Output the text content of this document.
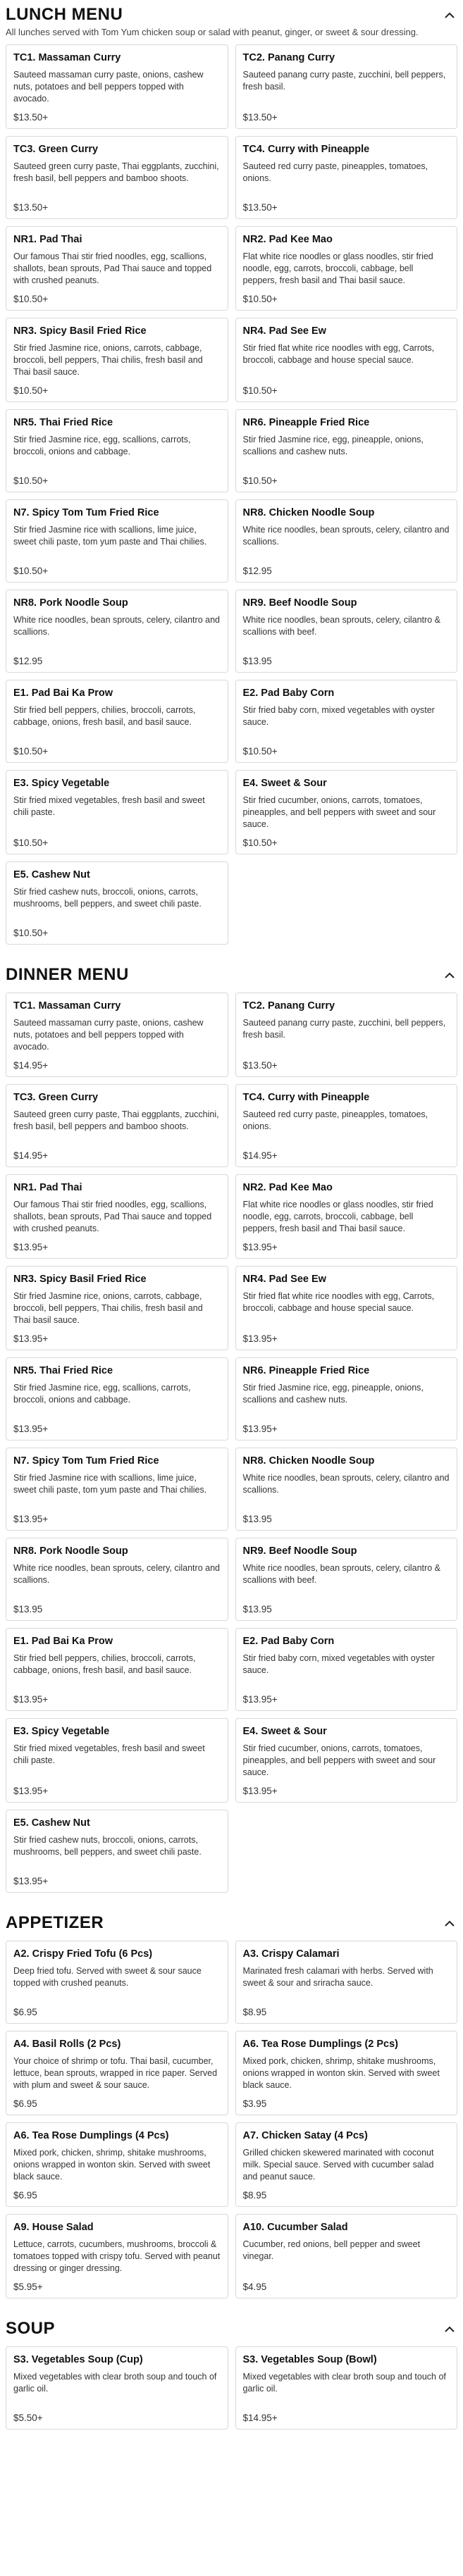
LUNCH MENU
All lunches served with Tom Yum chicken soup or salad with peanut, ginger, or sweet & sour dressing.
TC1. Massaman Curry
Sauteed massaman curry paste, onions, cashew nuts, potatoes and bell peppers topped with avocado.
$13.50+
TC2. Panang Curry
Sauteed panang curry paste, zucchini, bell peppers, fresh basil.
$13.50+
TC3. Green Curry
Sauteed green curry paste, Thai eggplants, zucchini, fresh basil, bell peppers and bamboo shoots.
$13.50+
TC4. Curry with Pineapple
Sauteed red curry paste, pineapples, tomatoes, onions.
$13.50+
NR1. Pad Thai
Our famous Thai stir fried noodles, egg, scallions, shallots, bean sprouts, Pad Thai sauce and topped with crushed peanuts.
$10.50+
NR2. Pad Kee Mao
Flat white rice noodles or glass noodles, stir fried noodle, egg, carrots, broccoli, cabbage, bell peppers, fresh basil and Thai basil sauce.
$10.50+
NR3. Spicy Basil Fried Rice
Stir fried Jasmine rice, onions, carrots, cabbage, broccoli, bell peppers, Thai chilis, fresh basil and Thai basil sauce.
$10.50+
NR4. Pad See Ew
Stir fried flat white rice noodles with egg, Carrots, broccoli, cabbage and house special sauce.
$10.50+
NR5. Thai Fried Rice
Stir fried Jasmine rice, egg, scallions, carrots, broccoli, onions and cabbage.
$10.50+
NR6. Pineapple Fried Rice
Stir fried Jasmine rice, egg, pineapple, onions, scallions and cashew nuts.
$10.50+
N7. Spicy Tom Tum Fried Rice
Stir fried Jasmine rice with scallions, lime juice, sweet chili paste, tom yum paste and Thai chilies.
$10.50+
NR8. Chicken Noodle Soup
White rice noodles, bean sprouts, celery, cilantro and scallions.
$12.95
NR8. Pork Noodle Soup
White rice noodles, bean sprouts, celery, cilantro and scallions.
$12.95
NR9. Beef Noodle Soup
White rice noodles, bean sprouts, celery, cilantro & scallions with beef.
$13.95
E1. Pad Bai Ka Prow
Stir fried bell peppers, chilies, broccoli, carrots, cabbage, onions, fresh basil, and basil sauce.
$10.50+
E2. Pad Baby Corn
Stir fried baby corn, mixed vegetables with oyster sauce.
$10.50+
E3. Spicy Vegetable
Stir fried mixed vegetables, fresh basil and sweet chili paste.
$10.50+
E4. Sweet & Sour
Stir fried cucumber, onions, carrots, tomatoes, pineapples, and bell peppers with sweet and sour sauce.
$10.50+
E5. Cashew Nut
Stir fried cashew nuts, broccoli, onions, carrots, mushrooms, bell peppers, and sweet chili paste.
$10.50+
DINNER MENU
TC1. Massaman Curry
Sauteed massaman curry paste, onions, cashew nuts, potatoes and bell peppers topped with avocado.
$14.95+
TC2. Panang Curry
Sauteed panang curry paste, zucchini, bell peppers, fresh basil.
$13.50+
TC3. Green Curry
Sauteed green curry paste, Thai eggplants, zucchini, fresh basil, bell peppers and bamboo shoots.
$14.95+
TC4. Curry with Pineapple
Sauteed red curry paste, pineapples, tomatoes, onions.
$14.95+
NR1. Pad Thai
Our famous Thai stir fried noodles, egg, scallions, shallots, bean sprouts, Pad Thai sauce and topped with crushed peanuts.
$13.95+
NR2. Pad Kee Mao
Flat white rice noodles or glass noodles, stir fried noodle, egg, carrots, broccoli, cabbage, bell peppers, fresh basil and Thai basil sauce.
$13.95+
NR3. Spicy Basil Fried Rice
Stir fried Jasmine rice, onions, carrots, cabbage, broccoli, bell peppers, Thai chilis, fresh basil and Thai basil sauce.
$13.95+
NR4. Pad See Ew
Stir fried flat white rice noodles with egg, Carrots, broccoli, cabbage and house special sauce.
$13.95+
NR5. Thai Fried Rice
Stir fried Jasmine rice, egg, scallions, carrots, broccoli, onions and cabbage.
$13.95+
NR6. Pineapple Fried Rice
Stir fried Jasmine rice, egg, pineapple, onions, scallions and cashew nuts.
$13.95+
N7. Spicy Tom Tum Fried Rice
Stir fried Jasmine rice with scallions, lime juice, sweet chili paste, tom yum paste and Thai chilies.
$13.95+
NR8. Chicken Noodle Soup
White rice noodles, bean sprouts, celery, cilantro and scallions.
$13.95
NR8. Pork Noodle Soup
White rice noodles, bean sprouts, celery, cilantro and scallions.
$13.95
NR9. Beef Noodle Soup
White rice noodles, bean sprouts, celery, cilantro & scallions with beef.
$13.95
E1. Pad Bai Ka Prow
Stir fried bell peppers, chilies, broccoli, carrots, cabbage, onions, fresh basil, and basil sauce.
$13.95+
E2. Pad Baby Corn
Stir fried baby corn, mixed vegetables with oyster sauce.
$13.95+
E3. Spicy Vegetable
Stir fried mixed vegetables, fresh basil and sweet chili paste.
$13.95+
E4. Sweet & Sour
Stir fried cucumber, onions, carrots, tomatoes, pineapples, and bell peppers with sweet and sour sauce.
$13.95+
E5. Cashew Nut
Stir fried cashew nuts, broccoli, onions, carrots, mushrooms, bell peppers, and sweet chili paste.
$13.95+
APPETIZER
A2. Crispy Fried Tofu (6 Pcs)
Deep fried tofu. Served with sweet & sour sauce topped with crushed peanuts.
$6.95
A3. Crispy Calamari
Marinated fresh calamari with herbs. Served with sweet & sour and sriracha sauce.
$8.95
A4. Basil Rolls (2 Pcs)
Your choice of shrimp or tofu. Thai basil, cucumber, lettuce, bean sprouts, wrapped in rice paper. Served with plum and sweet & sour sauce.
$6.95
A6. Tea Rose Dumplings (2 Pcs)
Mixed pork, chicken, shrimp, shitake mushrooms, onions wrapped in wonton skin. Served with sweet black sauce.
$3.95
A6. Tea Rose Dumplings (4 Pcs)
Mixed pork, chicken, shrimp, shitake mushrooms, onions wrapped in wonton skin. Served with sweet black sauce.
$6.95
A7. Chicken Satay (4 Pcs)
Grilled chicken skewered marinated with coconut milk. Special sauce. Served with cucumber salad and peanut sauce.
$8.95
A9. House Salad
Lettuce, carrots, cucumbers, mushrooms, broccoli & tomatoes topped with crispy tofu. Served with peanut dressing or ginger dressing.
$5.95+
A10. Cucumber Salad
Cucumber, red onions, bell pepper and sweet vinegar.
$4.95
SOUP
S3. Vegetables Soup (Cup)
Mixed vegetables with clear broth soup and touch of garlic oil.
$5.50+
S3. Vegetables Soup (Bowl)
Mixed vegetables with clear broth soup and touch of garlic oil.
$14.95+
